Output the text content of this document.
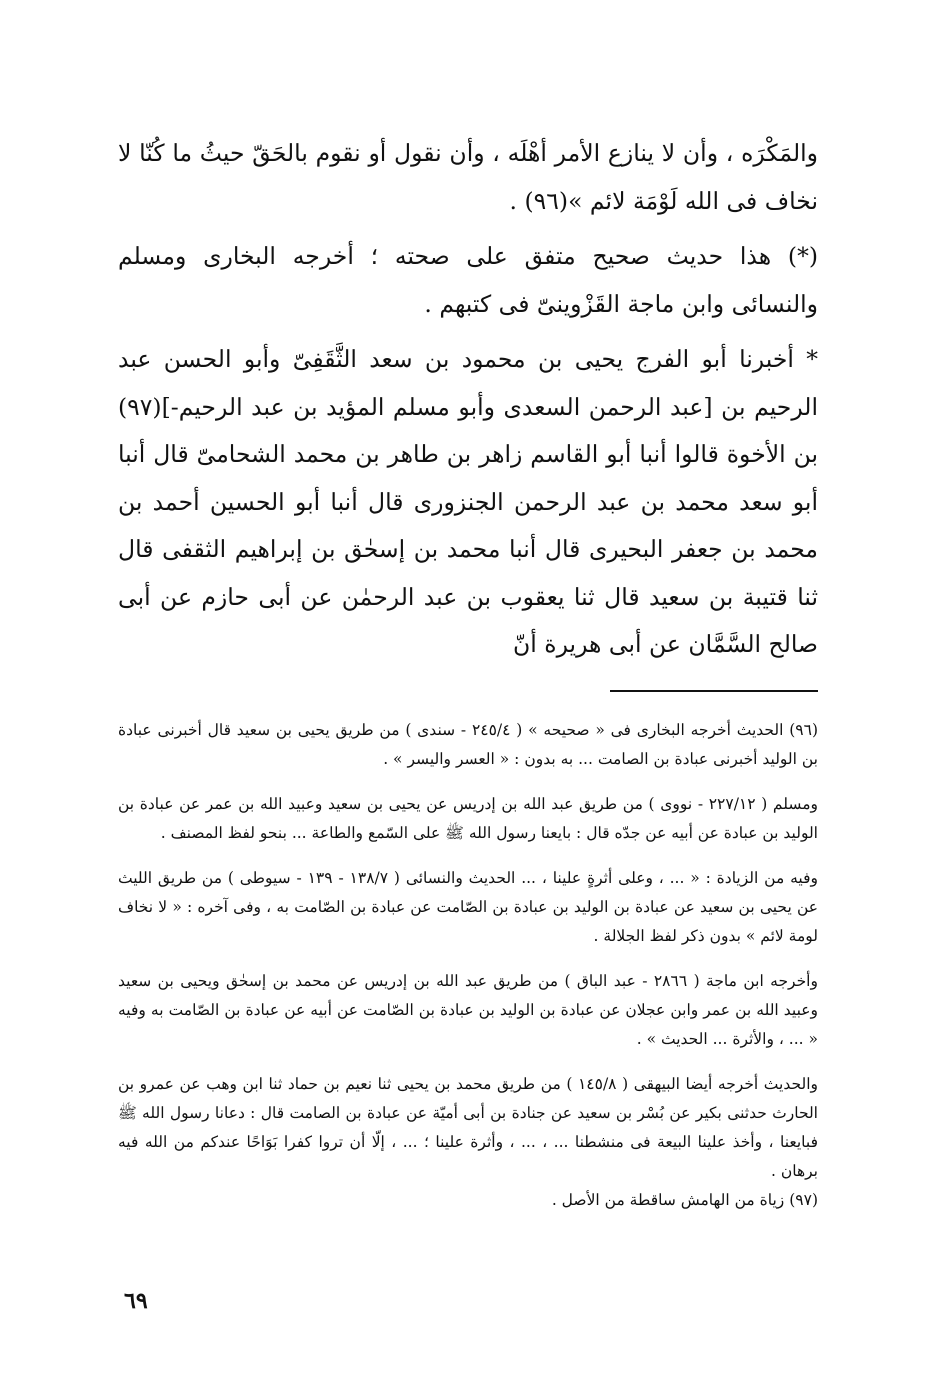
والمَكْرَه ، وأن لا ينازع الأمر أهْلَه ، وأن نقول أو نقوم بالحَقّ حيثُ ما كُنّا لا نخاف فى الله لَوْمَة لائم »(٩٦) .

(*) هذا حديث صحيح متفق على صحته ؛ أخرجه البخارى ومسلم والنسائى وابن ماجة القَزْوينىّ فى كتبهم .

* أخبرنا أبو الفرج يحيى بن محمود بن سعد الثَّقَفِىّ وأبو الحسن عبد الرحيم بن [عبد الرحمن السعدى وأبو مسلم المؤيد بن عبد الرحيم-](٩٧) بن الأخوة قالوا أنبا أبو القاسم زاهر بن طاهر بن محمد الشحامىّ قال أنبا أبو سعد محمد بن عبد الرحمن الجنزورى قال أنبا أبو الحسين أحمد بن محمد بن جعفر البحيرى قال أنبا محمد بن إسحٰق بن إبراهيم الثقفى قال ثنا قتيبة بن سعيد قال ثنا يعقوب بن عبد الرحمٰن عن أبى حازم عن أبى صالح السَّمَّان عن أبى هريرة أنّ

(٩٦) الحديث أخرجه البخارى فى « صحيحه » ( ٢٤٥/٤ - سندى ) من طريق يحيى بن سعيد قال أخبرنى عبادة بن الوليد أخبرنى عبادة بن الصامت ... به بدون : « العسر واليسر » .

ومسلم ( ٢٢٧/١٢ - نووى ) من طريق عبد الله بن إدريس عن يحيى بن سعيد وعبيد الله بن عمر عن عبادة بن الوليد بن عبادة عن أبيه عن جدّه قال : بايعنا رسول الله ﷺ على السّمع والطاعة ... بنحو لفظ المصنف .

وفيه من الزيادة : « ... ، وعلى أثرةٍ علينا ، ... الحديث والنسائى ( ١٣٨/٧ - ١٣٩ - سيوطى ) من طريق الليث عن يحيى بن سعيد عن عبادة بن الوليد بن عبادة بن الصّامت عن عبادة بن الصّامت به ، وفى آخره : « لا نخاف لومة لائم » بدون ذكر لفظ الجلالة .

وأخرجه ابن ماجة ( ٢٨٦٦ - عبد الباق ) من طريق عبد الله بن إدريس عن محمد بن إسحٰق ويحيى بن سعيد وعبيد الله بن عمر وابن عجلان عن عبادة بن الوليد بن عبادة بن الصّامت عن أبيه عن عبادة بن الصّامت به وفيه « ... ، والأثرة ... الحديث » .

والحديث أخرجه أيضا البيهقى ( ١٤٥/٨ ) من طريق محمد بن يحيى ثنا نعيم بن حماد ثنا ابن وهب عن عمرو بن الحارث حدثنى بكير عن بُسْر بن سعيد عن جنادة بن أبى أميّة عن عبادة بن الصامت قال : دعانا رسول الله ﷺ فبايعنا ، وأخذ علينا البيعة فى منشطنا ... ، ... ، وأثرة علينا ؛ ... ، إلّا أن تروا كفرا بَوَاحًا عندكم من الله فيه برهان .

(٩٧) زياة من الهامش ساقطة من الأصل .

٦٩
